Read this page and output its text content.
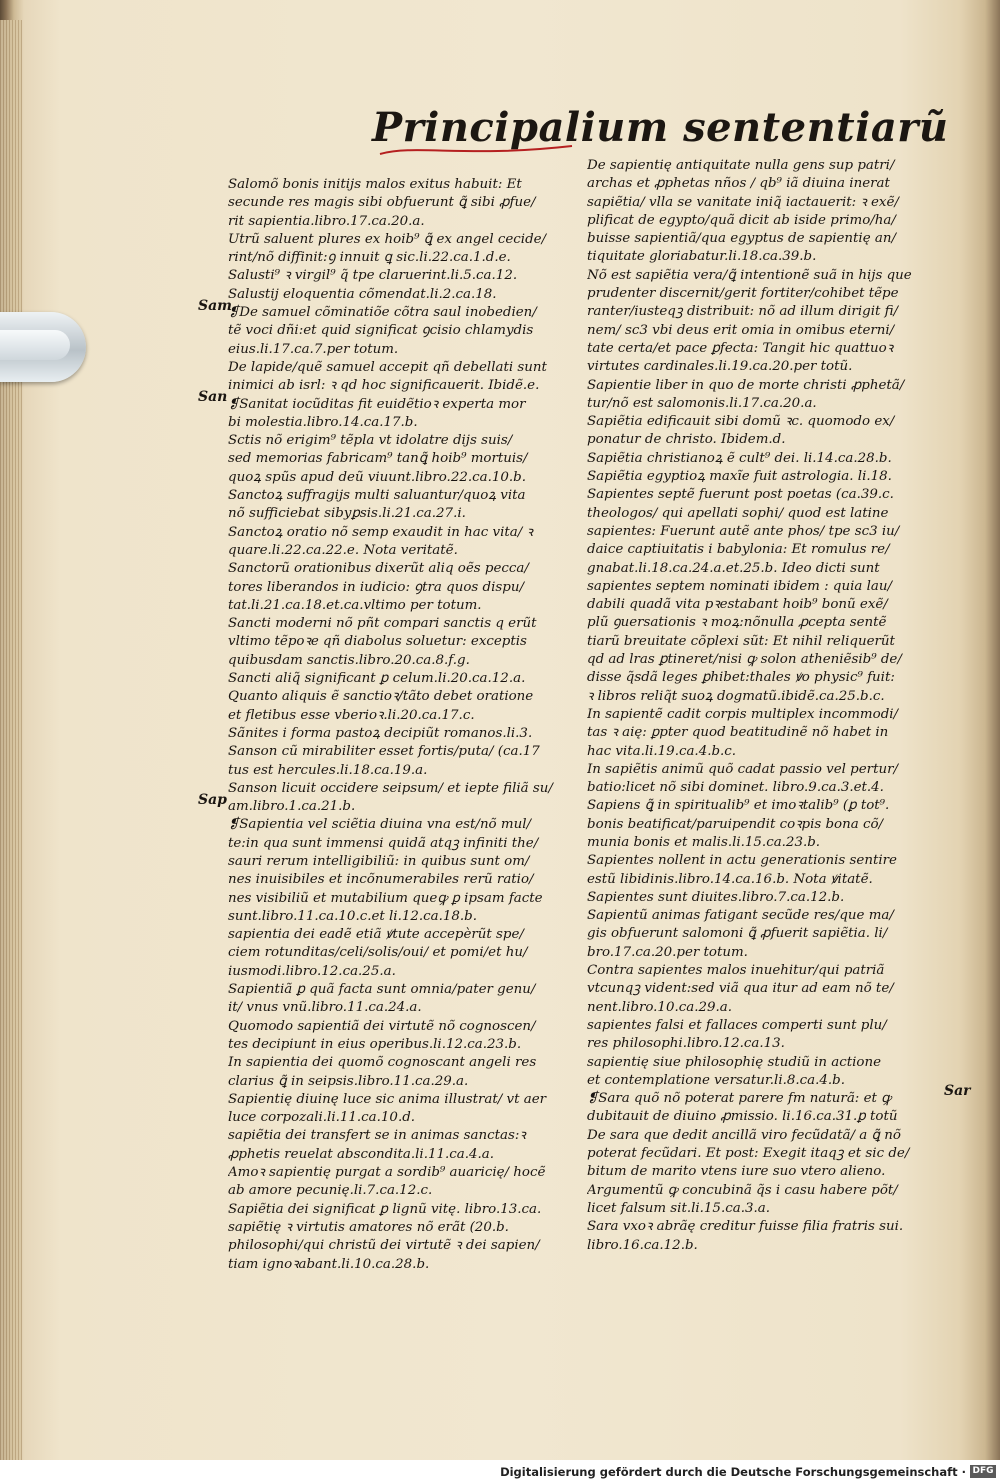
Principalium sententiarũ
Sam
San
Sap
Sar
Salomõ bonis initijs malos exitus habuit: Et
secunde res magis sibi obfuerunt ꝗ̃ sibi ꝓfue/
rit sapientia.libro.17.ca.20.a.
Utrũ saluent plures ex hoib⁹ ꝗ̃ ex angel cecide/
rint/nõ diffinit:ꝯ innuit ꝗ sic.li.22.ca.1.d.e.
Salusti⁹ ꝛ virgil⁹ q̃ tpe claruerint.li.5.ca.12.
Salustij eloquentia cõmendat.li.2.ca.18.
❡De samuel cõminatiõe cõtra saul inobedien/
tẽ voci dñi:et quid significat ꝯcisio chlamydis
eius.li.17.ca.7.per totum.
De lapide/quẽ samuel accepit qñ debellati sunt
inimici ab isrl: ꝛ qd hoc significauerit. Ibidẽ.e.
❡Sanitat iocũditas fit euidẽtioꝛ experta mor
bi molestia.libro.14.ca.17.b.
Sctis nõ erigim⁹ tẽpla vt idolatre dijs suis/
sed memorias fabricam⁹ tanꝗ̃ hoib⁹ mortuis/
quoꝝ spũs apud deũ viuunt.libro.22.ca.10.b.
Sanctoꝝ suffragijs multi saluantur/quoꝝ vita
nõ sufficiebat sibyꝑsis.li.21.ca.27.i.
Sanctoꝝ oratio nõ semp exaudit in hac vita/ ꝛ
quare.li.22.ca.22.e. Nota veritatẽ.
Sanctorũ orationibus dixerũt aliq oẽs pecca/
tores liberandos in iudicio: ꝯtra quos dispu/
tat.li.21.ca.18.et.ca.vltimo per totum.
Sancti moderni nõ pñt compari sanctis q erũt
vltimo tẽpoꝛe qñ diabolus soluetur: exceptis
quibusdam sanctis.libro.20.ca.8.f.g.
Sancti aliq̃ significant ꝑ celum.li.20.ca.12.a.
Quanto aliquis ẽ sanctioꝛ/tãto debet oratione
et fletibus esse vberioꝛ.li.20.ca.17.c.
Sãnites i forma pastoꝝ decipiũt romanos.li.3.
Sanson cũ mirabiliter esset fortis/puta/ (ca.17
tus est hercules.li.18.ca.19.a.
Sanson licuit occidere seipsum/ et iepte filiã su/
am.libro.1.ca.21.b.
❡Sapientia vel sciẽtia diuina vna est/nõ mul/
te:in qua sunt immensi quidã atqꝫ infiniti the/
sauri rerum intelligibiliũ: in quibus sunt om/
nes inuisibiles et incõnumerabiles rerũ ratio/
nes visibiliũ et mutabilium queꝙ ꝑ ipsam facte
sunt.libro.11.ca.10.c.et li.12.ca.18.b.
sapientia dei eadẽ etiã ꝟtute accepèrũt spe/
ciem rotunditas/celi/solis/oui/ et pomi/et hu/
iusmodi.libro.12.ca.25.a.
Sapientiã ꝑ quã facta sunt omnia/pater genu/
it/ vnus vnũ.libro.11.ca.24.a.
Quomodo sapientiã dei virtutẽ nõ cognoscen/
tes decipiunt in eius operibus.li.12.ca.23.b.
In sapientia dei quomõ cognoscant angeli res
clarius ꝗ̃ in seipsis.libro.11.ca.29.a.
Sapientię diuinę luce sic anima illustrat/ vt aer
luce corpozali.li.11.ca.10.d.
sapiẽtia dei transfert se in animas sanctas:ꝛ
ꝓphetis reuelat abscondita.li.11.ca.4.a.
Amoꝛ sapientię purgat a sordib⁹ auaricię/ hocẽ
ab amore pecunię.li.7.ca.12.c.
Sapiẽtia dei significat ꝑ lignũ vitę. libro.13.ca.
sapiẽtię ꝛ virtutis amatores nõ erãt (20.b.
philosophi/qui christũ dei virtutẽ ꝛ dei sapien/
tiam ignoꝛabant.li.10.ca.28.b.
De sapientię antiquitate nulla gens sup patri/
archas et ꝓphetas nños / qb⁹ iã diuina inerat
sapiẽtia/ vlla se vanitate iniq̃ iactauerit: ꝛ exẽ/
plificat de egypto/quã dicit ab iside primo/ha/
buisse sapientiã/qua egyptus de sapientię an/
tiquitate gloriabatur.li.18.ca.39.b.
Nõ est sapiẽtia vera/ꝗ̃ intentionẽ suã in hijs que
prudenter discernit/gerit fortiter/cohibet tẽpe
ranter/iusteqꝫ distribuit: nõ ad illum dirigit fi/
nem/ sc3 vbi deus erit omia in omibus eterni/
tate certa/et pace ꝑfecta: Tangit hic quattuoꝛ
virtutes cardinales.li.19.ca.20.per totũ.
Sapientie liber in quo de morte christi ꝓphetã/
tur/nõ est salomonis.li.17.ca.20.a.
Sapiẽtia edificauit sibi domũ ꝛc. quomodo ex/
ponatur de christo. Ibidem.d.
Sapiẽtia christianoꝝ ẽ cult⁹ dei. li.14.ca.28.b.
Sapiẽtia egyptioꝝ maxĩe fuit astrologia. li.18.
Sapientes septẽ fuerunt post poetas (ca.39.c.
theologos/ qui apellati sophi/ quod est latine
sapientes: Fuerunt autẽ ante phos/ tpe sc3 iu/
daice captiuitatis i babylonia: Et romulus re/
gnabat.li.18.ca.24.a.et.25.b. Ideo dicti sunt
sapientes septem nominati ibidem : quia lau/
dabili quadã vita pꝛestabant hoib⁹ bonũ exẽ/
plũ ꝯuersationis ꝛ moꝝ:nõnulla ꝓcepta sentẽ
tiarũ breuitate cõplexi sũt: Et nihil reliquerũt
qd ad lras ꝑtineret/nisi ꝙ solon atheniẽsib⁹ de/
disse q̃sdã leges ꝑhibet:thales ꝟo physic⁹ fuit:
ꝛ libros reliq̃t suoꝝ dogmatũ.ibidẽ.ca.25.b.c.
In sapientẽ cadit corpis multiplex incommodi/
tas ꝛ aię: ꝑpter quod beatitudinẽ nõ habet in
hac vita.li.19.ca.4.b.c.
In sapiẽtis animũ quõ cadat passio vel pertur/
batio:licet nõ sibi dominet. libro.9.ca.3.et.4.
Sapiens ꝗ̃ in spiritualib⁹ et imoꝛtalib⁹ (ꝑ tot⁹.
bonis beatificat/paruipendit coꝛpis bona cõ/
munia bonis et malis.li.15.ca.23.b.
Sapientes nollent in actu generationis sentire
estũ libidinis.libro.14.ca.16.b. Nota ꝟitatẽ.
Sapientes sunt diuites.libro.7.ca.12.b.
Sapientũ animas fatigant secũde res/que ma/
gis obfuerunt salomoni ꝗ̃ ꝓfuerit sapiẽtia. li/
bro.17.ca.20.per totum.
Contra sapientes malos inuehitur/qui patriã
vtcunqꝫ vident:sed viã qua itur ad eam nõ te/
nent.libro.10.ca.29.a.
sapientes falsi et fallaces comperti sunt plu/
res philosophi.libro.12.ca.13.
sapientię siue philosophię studiũ in actione
et contemplatione versatur.li.8.ca.4.b.
❡Sara quõ nõ poterat parere fm naturã: et ꝙ
dubitauit de diuino ꝓmissio. li.16.ca.31.ꝑ totũ
De sara que dedit ancillã viro fecũdatã/ a ꝗ̃ nõ
poterat fecũdari. Et post: Exegit itaqꝫ et sic de/
bitum de marito vtens iure suo vtero alieno.
Argumentũ ꝙ concubinã q̃s i casu habere põt/
licet falsum sit.li.15.ca.3.a.
Sara vxoꝛ abrãę creditur fuisse filia fratris sui.
libro.16.ca.12.b.
Digitalisierung gefördert durch die Deutsche Forschungsgemeinschaft · DFG
